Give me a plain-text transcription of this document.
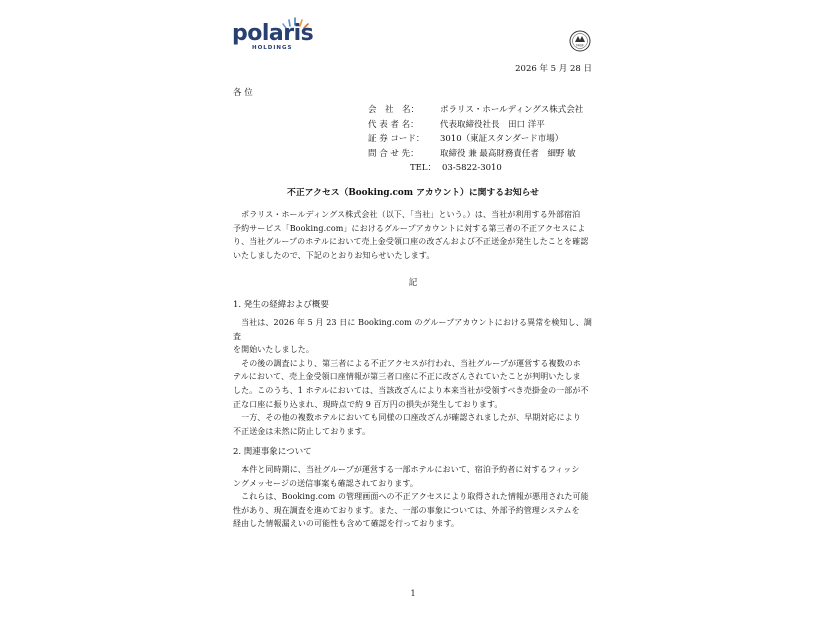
polaris
HOLDINGS	FASF
2026 年 5 月 28 日
各 位
会　社　名： ポラリス・ホールディングス株式会社
代 表 者 名：	代表取締役社長　田口 洋平
証 券 コード： 3010（東証スタンダード市場）
問 合 せ 先：	取締役 兼 最高財務責任者　細野 敏
TEL： 03-5822-3010
不正アクセス（Booking.com アカウント）に関するお知らせ

　ポラリス・ホールディングス株式会社（以下、「当社」という。）は、当社が利用する外部宿泊

予約サービス「Booking.com」におけるグループアカウントに対する第三者の不正アクセスによ

り、当社グループのホテルにおいて売上金受領口座の改ざんおよび不正送金が発生したことを確認

いたしましたので、下記のとおりお知らせいたします。

記
1. 発生の経緯および概要

　当社は、2026 年 5 月 23 日に Booking.com のグループアカウントにおける異常を検知し、調査

を開始いたしました。

　その後の調査により、第三者による不正アクセスが行われ、当社グループが運営する複数のホ

テルにおいて、売上金受領口座情報が第三者口座に不正に改ざんされていたことが判明いたしま

した。このうち、1 ホテルにおいては、当該改ざんにより本来当社が受領すべき売掛金の一部が不

正な口座に振り込まれ、現時点で約 9 百万円の損失が発生しております。

　一方、その他の複数ホテルにおいても同様の口座改ざんが確認されましたが、早期対応により

不正送金は未然に防止しております。

2. 関連事象について

　本件と同時期に、当社グループが運営する一部ホテルにおいて、宿泊予約者に対するフィッシ

ングメッセージの送信事案も確認されております。

　これらは、Booking.com の管理画面への不正アクセスにより取得された情報が悪用された可能

性があり、現在調査を進めております。また、一部の事象については、外部予約管理システムを

経由した情報漏えいの可能性も含めて確認を行っております。

1
